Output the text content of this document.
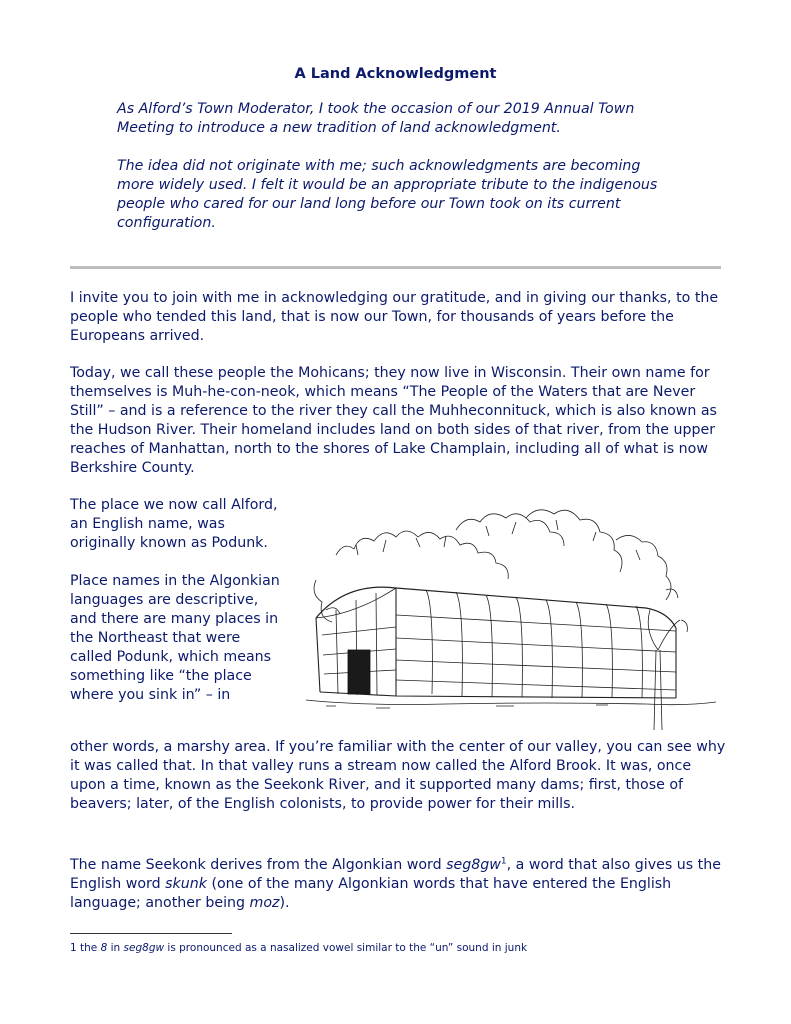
A Land Acknowledgment

As Alford’s Town Moderator, I took the occasion of our 2019 Annual Town Meeting to introduce a new tradition of land acknowledgment.

The idea did not originate with me; such acknowledgments are becoming more widely used. I felt it would be an appropriate tribute to the indigenous people who cared for our land long before our Town took on its current configuration.

I invite you to join with me in acknowledging our gratitude, and in giving our thanks, to the people who tended this land, that is now our Town, for thousands of years before the Europeans arrived.

Today, we call these people the Mohicans; they now live in Wisconsin. Their own name for themselves is Muh-he-con-neok, which means “The People of the Waters that are Never Still” – and is a reference to the river they call the Muhheconnituck, which is also known as the Hudson River. Their homeland includes land on both sides of that river, from the upper reaches of Manhattan, north to the shores of Lake Champlain, including all of what is now Berkshire County.

The place we now call Alford, an English name, was originally known as Podunk.

Place names in the Algonkian languages are descriptive, and there are many places in the Northeast that were called Podunk, which means something like “the place where you sink in” – in

other words, a marshy area. If you’re familiar with the center of our valley, you can see why it was called that. In that valley runs a stream now called the Alford Brook. It was, once upon a time, known as the Seekonk River, and it supported many dams; first, those of beavers; later, of the English colonists, to provide power for their mills.

The name Seekonk derives from the Algonkian word $seg8gw^1$, a word that also gives us the English word skunk (one of the many Algonkian words that have entered the English language; another being moz).

1 the 8 in seg8gw is pronounced as a nasalized vowel similar to the “un” sound in junk
